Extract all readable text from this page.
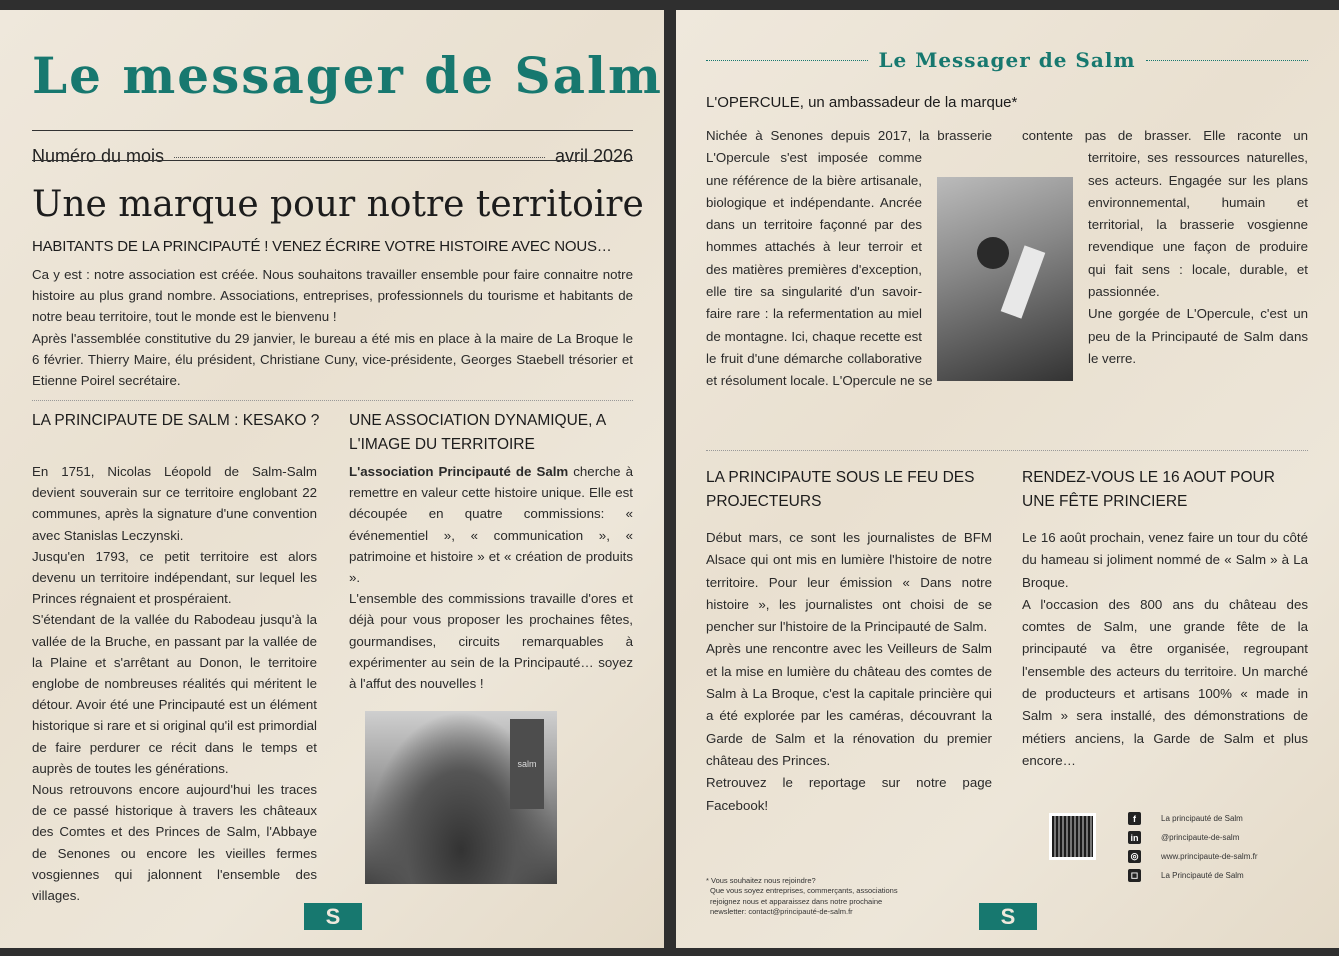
Le messager de Salm
Numéro du mois	avril 2026
Une marque pour notre territoire
HABITANTS DE LA PRINCIPAUTÉ ! VENEZ ÉCRIRE VOTRE HISTOIRE AVEC NOUS…

Ca y est : notre association est créée. Nous souhaitons travailler ensemble pour faire connaitre notre histoire au plus grand nombre. Associations, entreprises, professionnels du tourisme et habitants de notre beau territoire, tout le monde est le bienvenu !

Après l'assemblée constitutive du 29 janvier, le bureau a été mis en place à la maire de La Broque le 6 février. Thierry Maire, élu président, Christiane Cuny, vice-présidente, Georges Staebell trésorier et Etienne Poirel secrétaire.

LA PRINCIPAUTE DE SALM : KESAKO ?

En 1751, Nicolas Léopold de Salm-Salm devient souverain sur ce territoire englobant 22 communes, après la signature d'une convention avec Stanislas Leczynski.

Jusqu'en 1793, ce petit territoire est alors devenu un territoire indépendant, sur lequel les Princes régnaient et prospéraient.

S'étendant de la vallée du Rabodeau jusqu'à la vallée de la Bruche, en passant par la vallée de la Plaine et s'arrêtant au Donon, le territoire englobe de nombreuses réalités qui méritent le détour. Avoir été une Principauté est un élément historique si rare et si original qu'il est primordial de faire perdurer ce récit dans le temps et auprès de toutes les générations.

Nous retrouvons encore aujourd'hui les traces de ce passé historique à travers les châteaux des Comtes et des Princes de Salm, l'Abbaye de Senones ou encore les vieilles fermes vosgiennes qui jalonnent l'ensemble des villages.

UNE ASSOCIATION DYNAMIQUE, A L'IMAGE DU TERRITOIRE

L'association Principauté de Salm cherche à remettre en valeur cette histoire unique. Elle est découpée en quatre commissions: « événementiel », « communication », « patrimoine et histoire » et « création de produits ».

L'ensemble des commissions travaille d'ores et déjà pour vous proposer les prochaines fêtes, gourmandises, circuits remarquables à expérimenter au sein de la Principauté… soyez à l'affut des nouvelles !

salm
S
Le Messager de Salm
L'OPERCULE, un ambassadeur de la marque*
Nichée à Senones depuis 2017, la brasserie L'Opercule s'est imposée comme une référence de la bière artisanale, biologique et indépendante. Ancrée dans un territoire façonné par des hommes attachés à leur terroir et des matières premières d'exception, elle tire sa singularité d'un savoir-faire rare : la refermentation au miel de montagne. Ici, chaque recette est le fruit d'une démarche collaborative et résolument locale. L'Opercule ne se

contente pas de brasser. Elle raconte un territoire, ses ressources naturelles, ses acteurs. Engagée sur les plans environnemental, humain et territorial, la brasserie vosgienne revendique une façon de produire qui fait sens : locale, durable, et passionnée.

Une gorgée de L'Opercule, c'est un peu de la Principauté de Salm dans le verre.

LA PRINCIPAUTE SOUS LE FEU DES PROJECTEURS

Début mars, ce sont les journalistes de BFM Alsace qui ont mis en lumière l'histoire de notre territoire. Pour leur émission « Dans notre histoire », les journalistes ont choisi de se pencher sur l'histoire de la Principauté de Salm.

Après une rencontre avec les Veilleurs de Salm et la mise en lumière du château des comtes de Salm à La Broque, c'est la capitale princière qui a été explorée par les caméras, découvrant la Garde de Salm et la rénovation du premier château des Princes.

Retrouvez le reportage sur notre page Facebook!

RENDEZ-VOUS LE 16 AOUT POUR UNE FÊTE PRINCIERE

Le 16 août prochain, venez faire un tour du côté du hameau si joliment nommé de « Salm » à La Broque.

A l'occasion des 800 ans du château des comtes de Salm, une grande fête de la principauté va être organisée, regroupant l'ensemble des acteurs du territoire. Un marché de producteurs et artisans 100% « made in Salm » sera installé, des démonstrations de métiers anciens, la Garde de Salm et plus encore…

f	La principauté de Salm
in	@principaute-de-salm
◎	www.principaute-de-salm.fr
◻	La Principauté de Salm
* Vous souhaitez nous rejoindre?
Que vous soyez entreprises, commerçants, associations
rejoignez nous et apparaissez dans notre prochaine
newsletter: contact@principauté-de-salm.fr	S
